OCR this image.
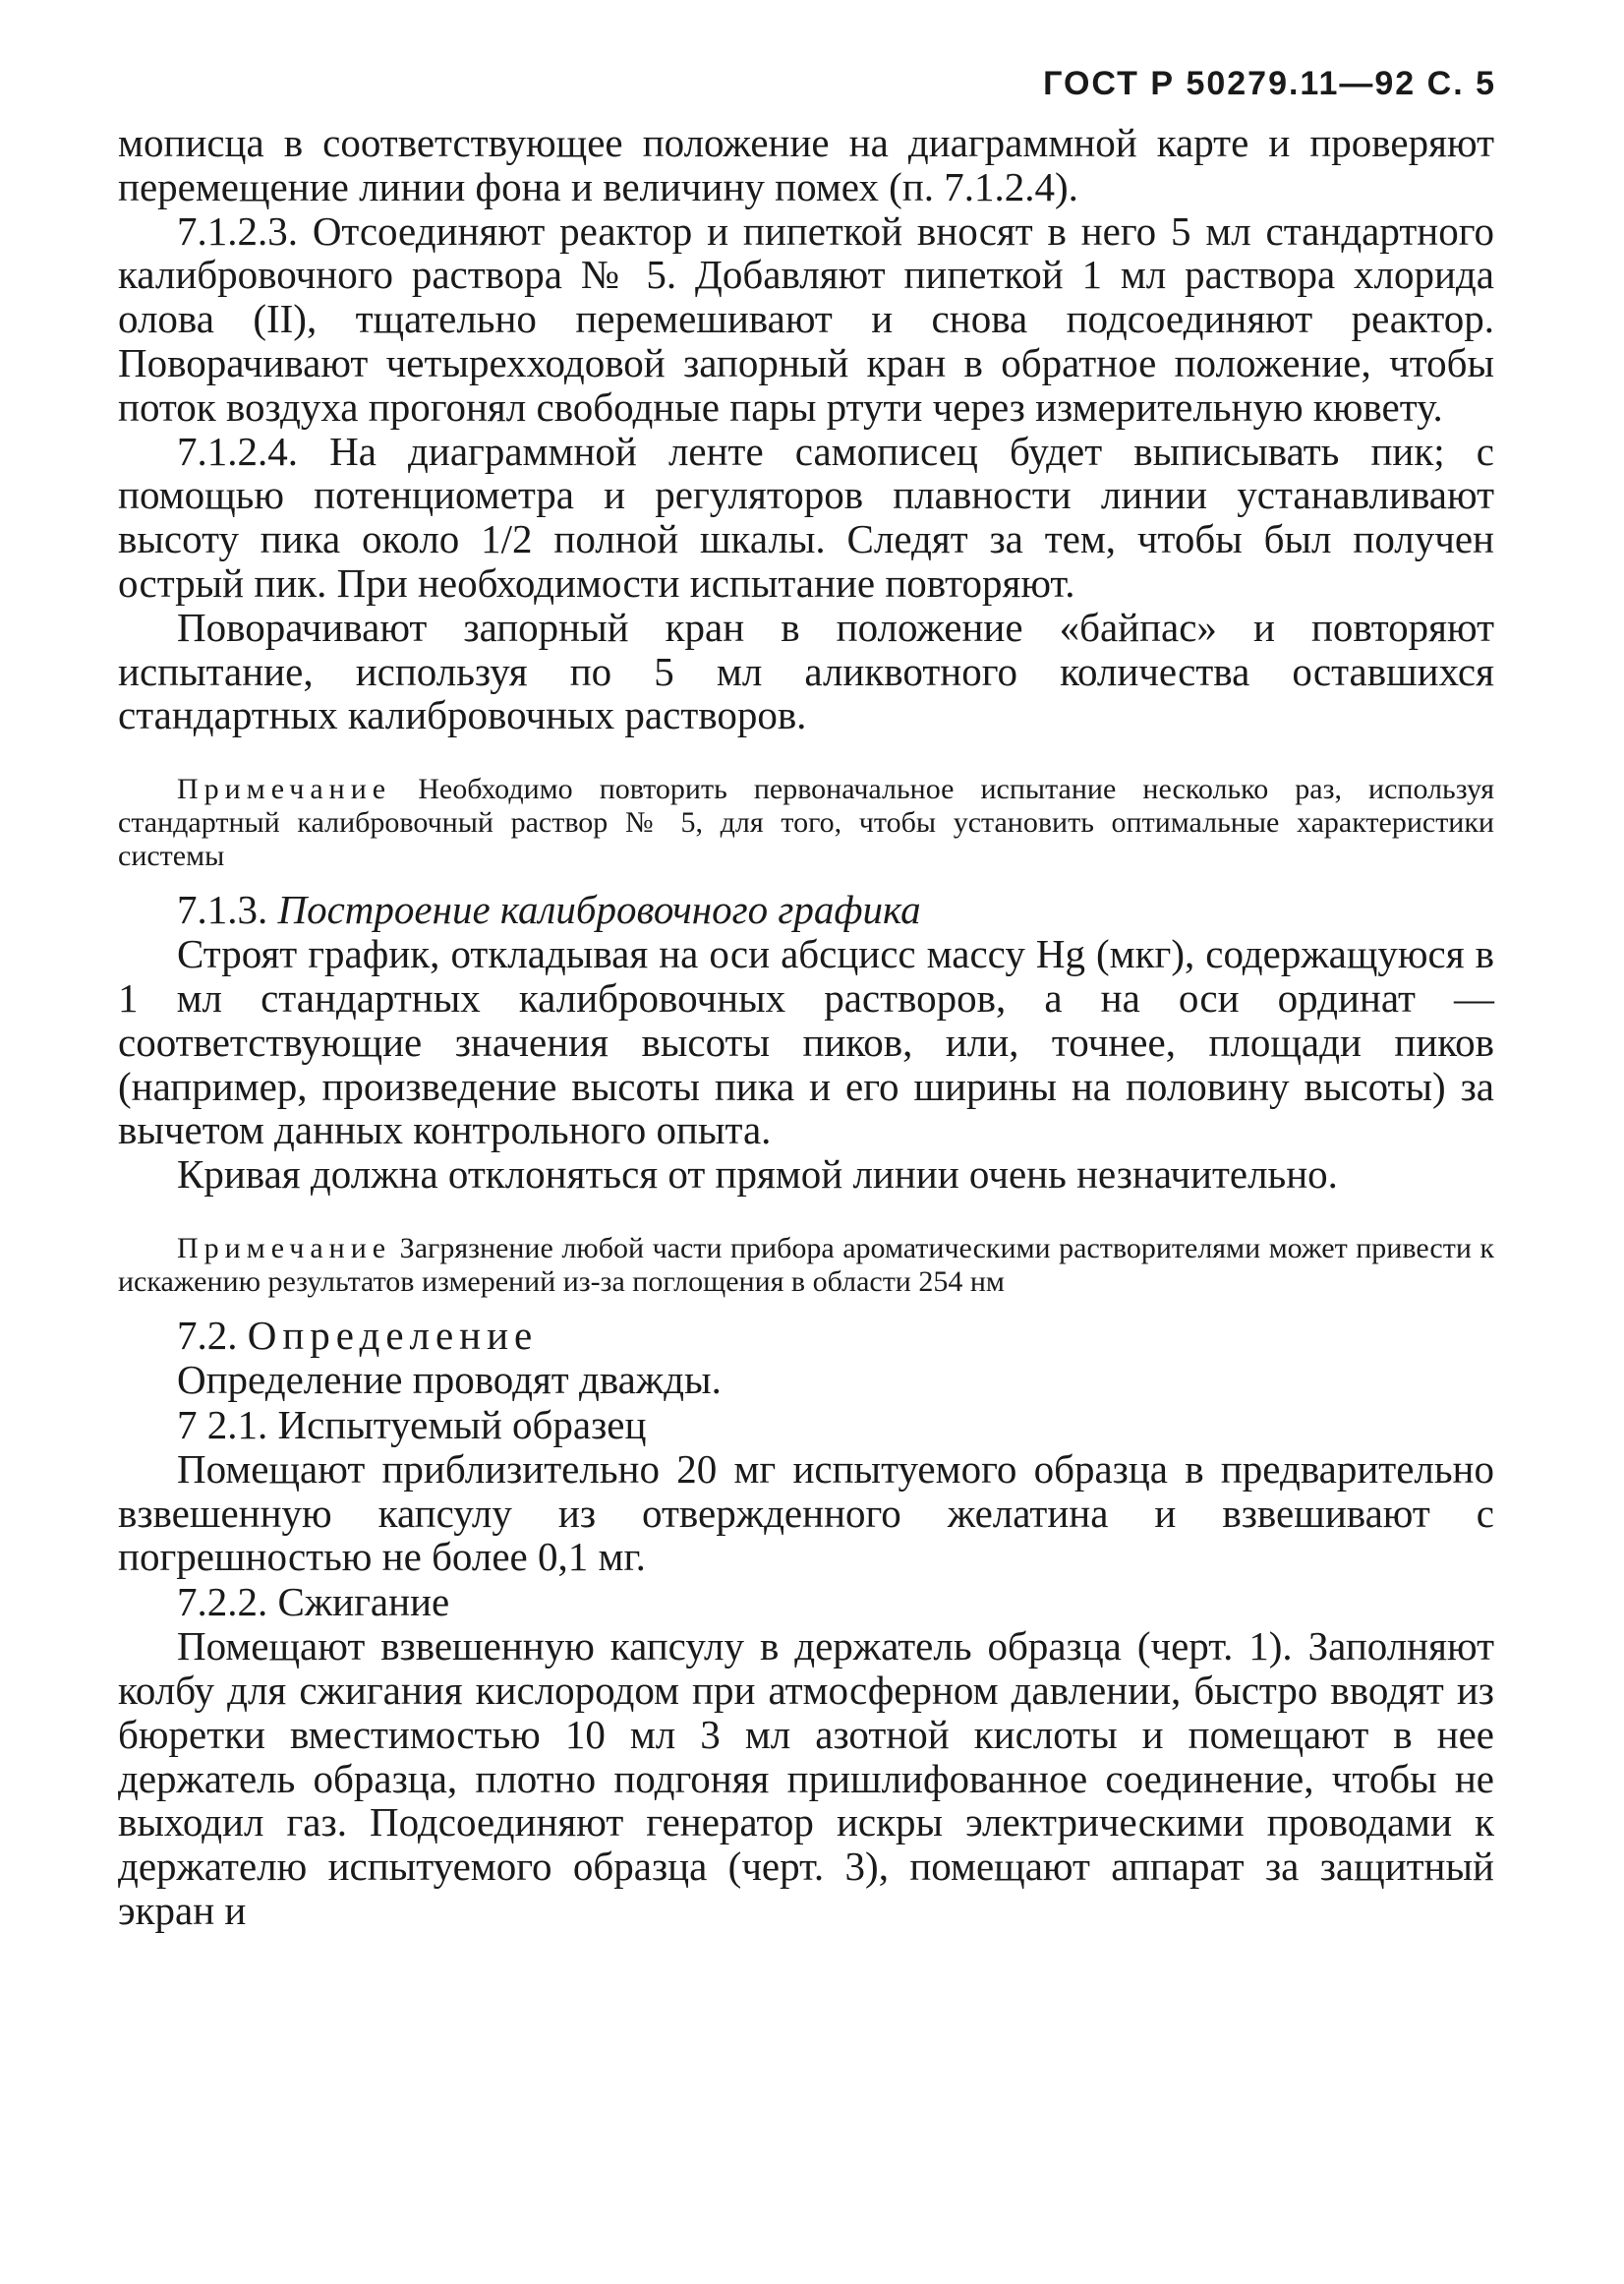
ГОСТ Р 50279.11—92 С. 5

мописца в соответствующее положение на диаграммной карте и проверяют перемещение линии фона и величину помех (п. 7.1.2.4).

7.1.2.3. Отсоединяют реактор и пипеткой вносят в него 5 мл стандартного калибровочного раствора № 5. Добавляют пипеткой 1 мл раствора хлорида олова (II), тщательно перемешивают и снова подсоединяют реактор. Поворачивают четырехходовой запорный кран в обратное положение, чтобы поток воздуха прогонял свободные пары ртути через измерительную кювету.

7.1.2.4. На диаграммной ленте самописец будет выписывать пик; с помощью потенциометра и регуляторов плавности линии устанавливают высоту пика около 1/2 полной шкалы. Следят за тем, чтобы был получен острый пик. При необходимости испытание повторяют.

Поворачивают запорный кран в положение «байпас» и повторяют испытание, используя по 5 мл аликвотного количества оставшихся стандартных калибровочных растворов.

Примечание Необходимо повторить первоначальное испытание несколько раз, используя стандартный калибровочный раствор № 5, для того, чтобы установить оптимальные характеристики системы

7.1.3. Построение калибровочного графика

Строят график, откладывая на оси абсцисс массу Hg (мкг), содержащуюся в 1 мл стандартных калибровочных растворов, а на оси ординат — соответствующие значения высоты пиков, или, точнее, площади пиков (например, произведение высоты пика и его ширины на половину высоты) за вычетом данных контрольного опыта.

Кривая должна отклоняться от прямой линии очень незначительно.

Примечание Загрязнение любой части прибора ароматическими растворителями может привести к искажению результатов измерений из-за поглощения в области 254 нм

7.2. Определение

Определение проводят дважды.

7 2.1. Испытуемый образец

Помещают приблизительно 20 мг испытуемого образца в предварительно взвешенную капсулу из отвержденного желатина и взвешивают с погрешностью не более 0,1 мг.

7.2.2. Сжигание

Помещают взвешенную капсулу в держатель образца (черт. 1). Заполняют колбу для сжигания кислородом при атмосферном давлении, быстро вводят из бюретки вместимостью 10 мл 3 мл азотной кислоты и помещают в нее держатель образца, плотно подгоняя пришлифованное соединение, чтобы не выходил газ. Подсоединяют генератор искры электрическими проводами к держателю испытуемого образца (черт. 3), помещают аппарат за защитный экран и
